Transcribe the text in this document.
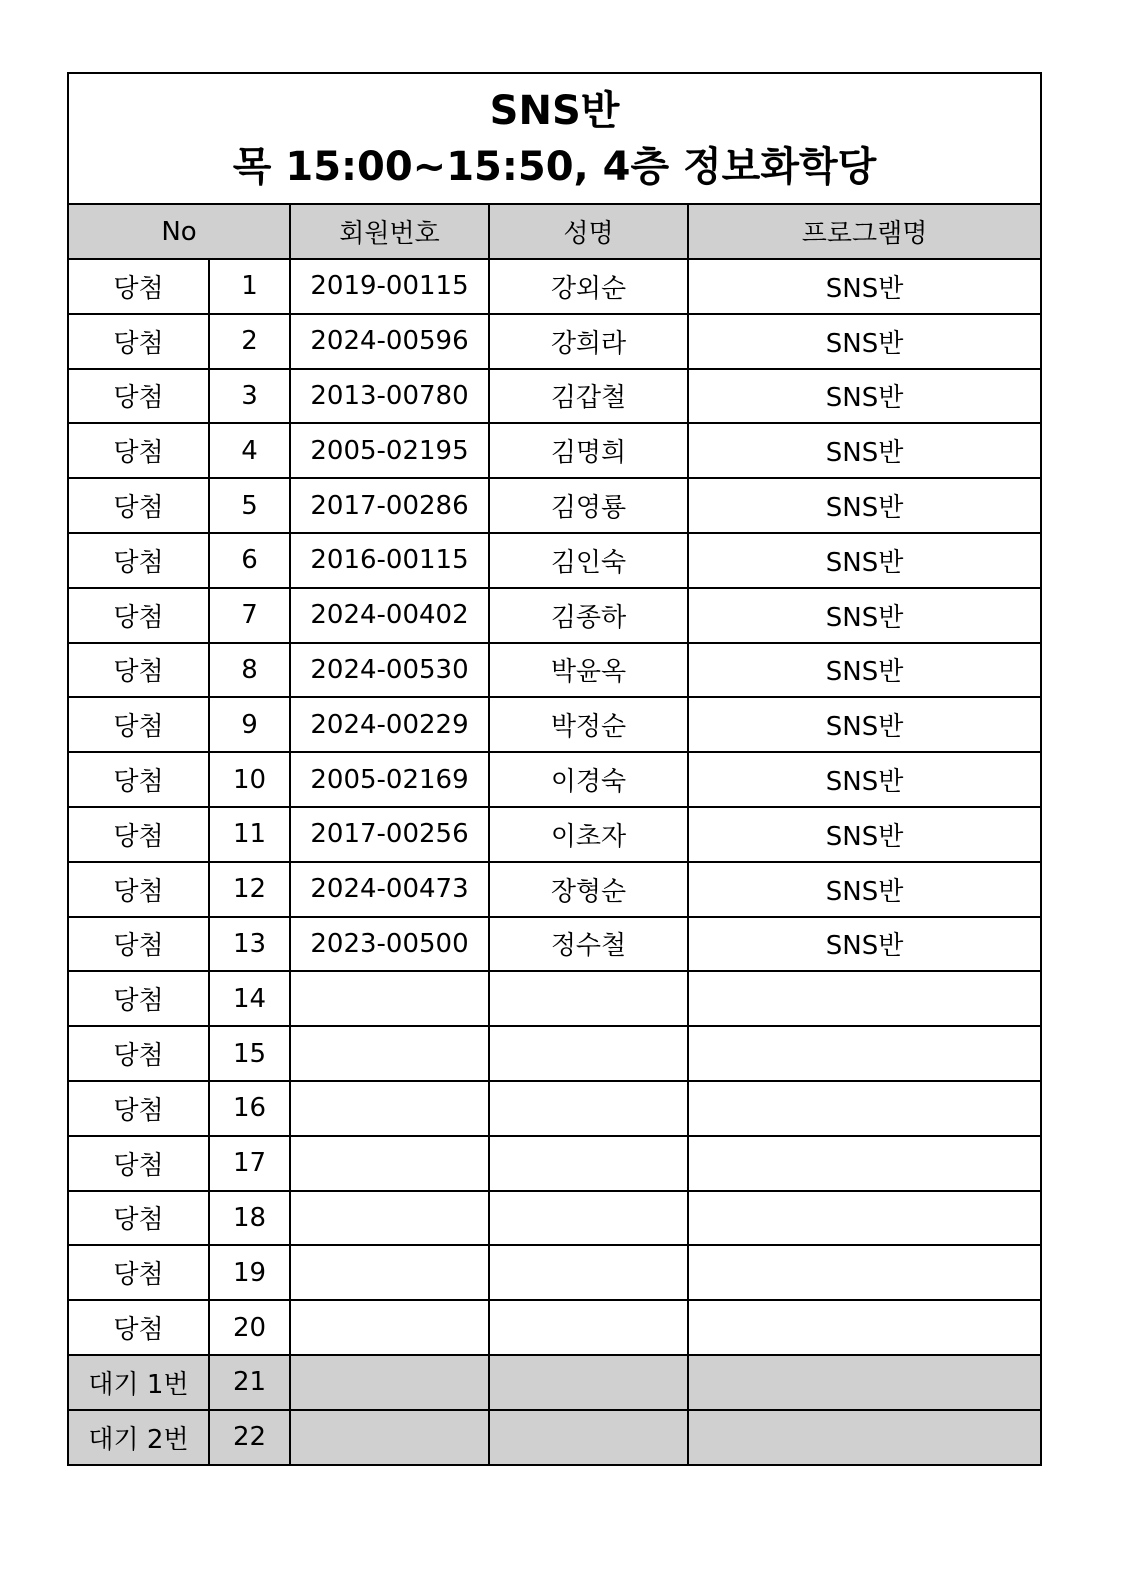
SNS반
목 15:00~15:50, 4층 정보화학당				

No		회원번호	성명	프로그램명
당첨	1	2019-00115	강외순	SNS반
당첨	2	2024-00596	강희라	SNS반
당첨	3	2013-00780	김갑철	SNS반
당첨	4	2005-02195	김명희	SNS반
당첨	5	2017-00286	김영룡	SNS반
당첨	6	2016-00115	김인숙	SNS반
당첨	7	2024-00402	김종하	SNS반
당첨	8	2024-00530	박윤옥	SNS반
당첨	9	2024-00229	박정순	SNS반
당첨	10	2005-02169	이경숙	SNS반
당첨	11	2017-00256	이초자	SNS반
당첨	12	2024-00473	장형순	SNS반
당첨	13	2023-00500	정수철	SNS반
당첨	14			
당첨	15			
당첨	16			
당첨	17			
당첨	18			
당첨	19			
당첨	20			
대기 1번	21			
대기 2번	22			
